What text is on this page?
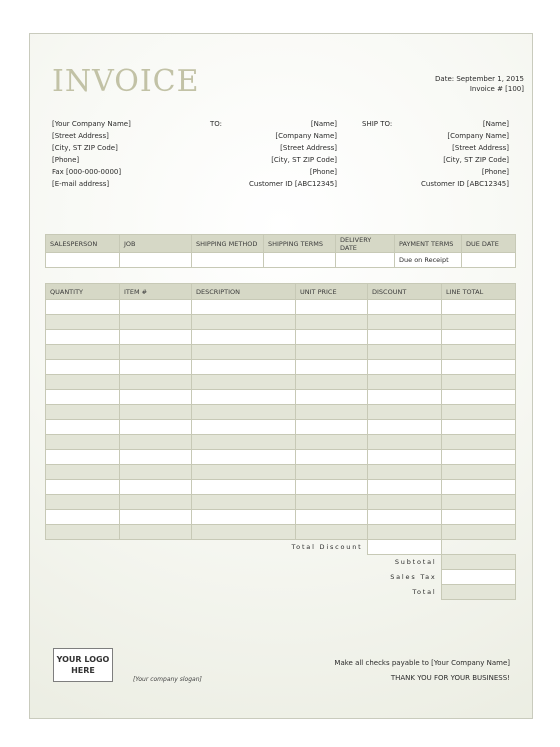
INVOICE	Date: September 1, 2015
Invoice # [100]
[Your Company Name]
[Street Address]
[City, ST ZIP Code]
[Phone]
Fax [000-000-0000]
[E-mail address]
TO:	[Name]
[Company Name]
[Street Address]
[City, ST ZIP Code]
[Phone]
Customer ID [ABC12345]
SHIP TO:	[Name]
[Company Name]
[Street Address]
[City, ST ZIP Code]
[Phone]
Customer ID [ABC12345]
SALESPERSON	JOB	SHIPPING METHOD	SHIPPING TERMS	DELIVERY DATE	PAYMENT TERMS	DUE DATE
					Due on Receipt	
QUANTITY	ITEM #	DESCRIPTION	UNIT PRICE	DISCOUNT	LINE TOTAL

Total Discount		
	Subtotal	
	Sales Tax	
	Total	
YOUR LOGO
HERE
[Your company slogan]
Make all checks payable to [Your Company Name]
THANK YOU FOR YOUR BUSINESS!
